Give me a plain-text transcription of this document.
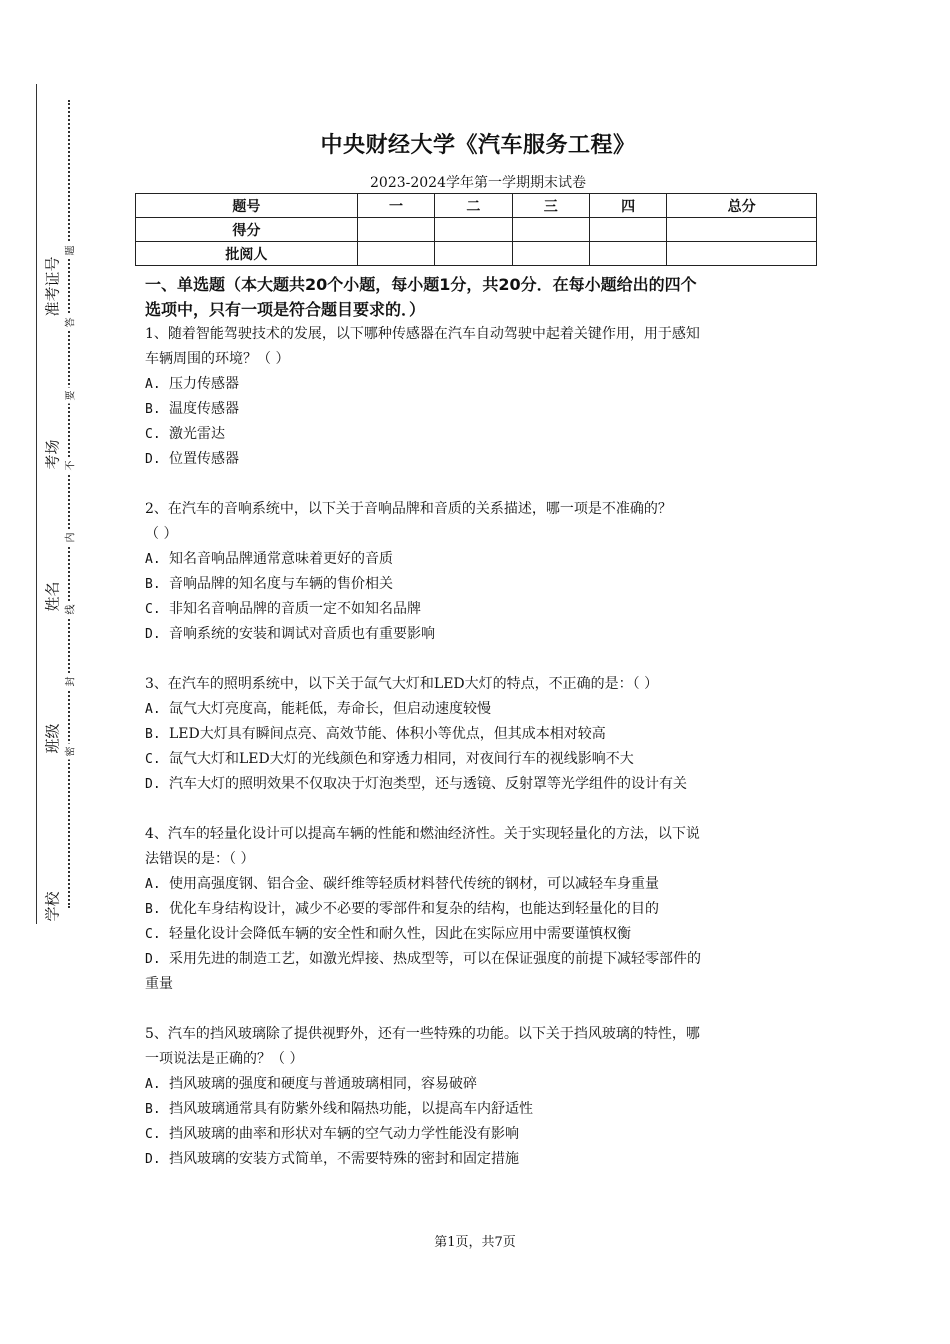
准考证号
考场
姓名
班级
学校
题
答
要
不
内
线
封
密
中央财经大学《汽车服务工程》
2023-2024学年第一学期期末试卷
题号	一	二	三	四	总分
得分					
批阅人					
一、单选题（本大题共20个小题，每小题1分，共20分．在每小题给出的四个
选项中，只有一项是符合题目要求的．）

1、随着智能驾驶技术的发展，以下哪种传感器在汽车自动驾驶中起着关键作用，用于感知

车辆周围的环境？（ ）

A. 压力传感器

B. 温度传感器

C. 激光雷达

D. 位置传感器

2、在汽车的音响系统中，以下关于音响品牌和音质的关系描述，哪一项是不准确的？

（ ）

A. 知名音响品牌通常意味着更好的音质

B. 音响品牌的知名度与车辆的售价相关

C. 非知名音响品牌的音质一定不如知名品牌

D. 音响系统的安装和调试对音质也有重要影响

3、在汽车的照明系统中，以下关于氙气大灯和LED大灯的特点，不正确的是：（ ）

A. 氙气大灯亮度高，能耗低，寿命长，但启动速度较慢

B. LED大灯具有瞬间点亮、高效节能、体积小等优点，但其成本相对较高

C. 氙气大灯和LED大灯的光线颜色和穿透力相同，对夜间行车的视线影响不大

D. 汽车大灯的照明效果不仅取决于灯泡类型，还与透镜、反射罩等光学组件的设计有关

4、汽车的轻量化设计可以提高车辆的性能和燃油经济性。关于实现轻量化的方法，以下说

法错误的是：（ ）

A. 使用高强度钢、铝合金、碳纤维等轻质材料替代传统的钢材，可以减轻车身重量

B. 优化车身结构设计，减少不必要的零部件和复杂的结构，也能达到轻量化的目的

C. 轻量化设计会降低车辆的安全性和耐久性，因此在实际应用中需要谨慎权衡

D. 采用先进的制造工艺，如激光焊接、热成型等，可以在保证强度的前提下减轻零部件的

重量

5、汽车的挡风玻璃除了提供视野外，还有一些特殊的功能。以下关于挡风玻璃的特性，哪

一项说法是正确的？（ ）

A. 挡风玻璃的强度和硬度与普通玻璃相同，容易破碎

B. 挡风玻璃通常具有防紫外线和隔热功能，以提高车内舒适性

C. 挡风玻璃的曲率和形状对车辆的空气动力学性能没有影响

D. 挡风玻璃的安装方式简单，不需要特殊的密封和固定措施

第1页，共7页
